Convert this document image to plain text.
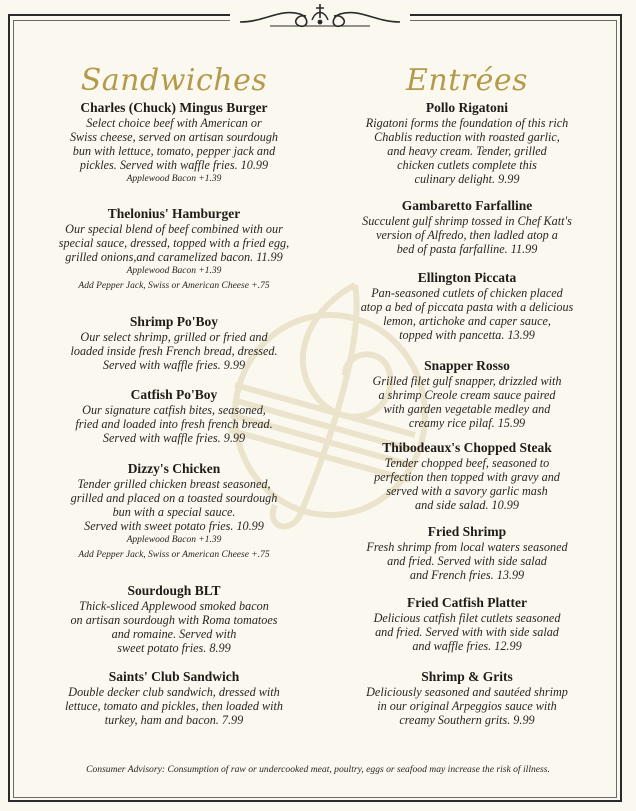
Sandwiches
Charles (Chuck) Mingus Burger
Select choice beef with American or
Swiss cheese, served on artisan sourdough
bun with lettuce, tomato, pepper jack and
pickles. Served with waffle fries. 10.99
Applewood Bacon +1.39
Thelonius' Hamburger
Our special blend of beef combined with our
special sauce, dressed, topped with a fried egg,
grilled onions,and caramelized bacon. 11.99
Applewood Bacon +1.39
Add Pepper Jack, Swiss or American Cheese +.75
Shrimp Po'Boy
Our select shrimp, grilled or fried and
loaded inside fresh French bread, dressed.
Served with waffle fries. 9.99
Catfish Po'Boy
Our signature catfish bites, seasoned,
fried and loaded into fresh french bread.
Served with waffle fries. 9.99
Dizzy's Chicken
Tender grilled chicken breast seasoned,
grilled and placed on a toasted sourdough
bun with a special sauce.
Served with sweet potato fries. 10.99
Applewood Bacon +1.39
Add Pepper Jack, Swiss or American Cheese +.75
Sourdough BLT
Thick-sliced Applewood smoked bacon
on artisan sourdough with Roma tomatoes
and romaine. Served with
sweet potato fries. 8.99
Saints' Club Sandwich
Double decker club sandwich, dressed with
lettuce, tomato and pickles, then loaded with
turkey, ham and bacon. 7.99
Entrées
Pollo Rigatoni
Rigatoni forms the foundation of this rich
Chablis reduction with roasted garlic,
and heavy cream. Tender, grilled
chicken cutlets complete this
culinary delight. 9.99
Gambaretto Farfalline
Succulent gulf shrimp tossed in Chef Katt's
version of Alfredo, then ladled atop a
bed of pasta farfalline. 11.99
Ellington Piccata
Pan-seasoned cutlets of chicken placed
atop a bed of piccata pasta with a delicious
lemon, artichoke and caper sauce,
topped with pancetta. 13.99
Snapper Rosso
Grilled filet gulf snapper, drizzled with
a shrimp Creole cream sauce paired
with garden vegetable medley and
creamy rice pilaf. 15.99
Thibodeaux's Chopped Steak
Tender chopped beef, seasoned to
perfection then topped with gravy and
served with a savory garlic mash
and side salad. 10.99
Fried Shrimp
Fresh shrimp from local waters seasoned
and fried. Served with side salad
and French fries. 13.99
Fried Catfish Platter
Delicious catfish filet cutlets seasoned
and fried. Served with with side salad
and waffle fries. 12.99
Shrimp & Grits
Deliciously seasoned and sautéed shrimp
in our original Arpeggios sauce with
creamy Southern grits. 9.99
Consumer Advisory: Consumption of raw or undercooked meat, poultry, eggs or seafood may increase the risk of illness.
